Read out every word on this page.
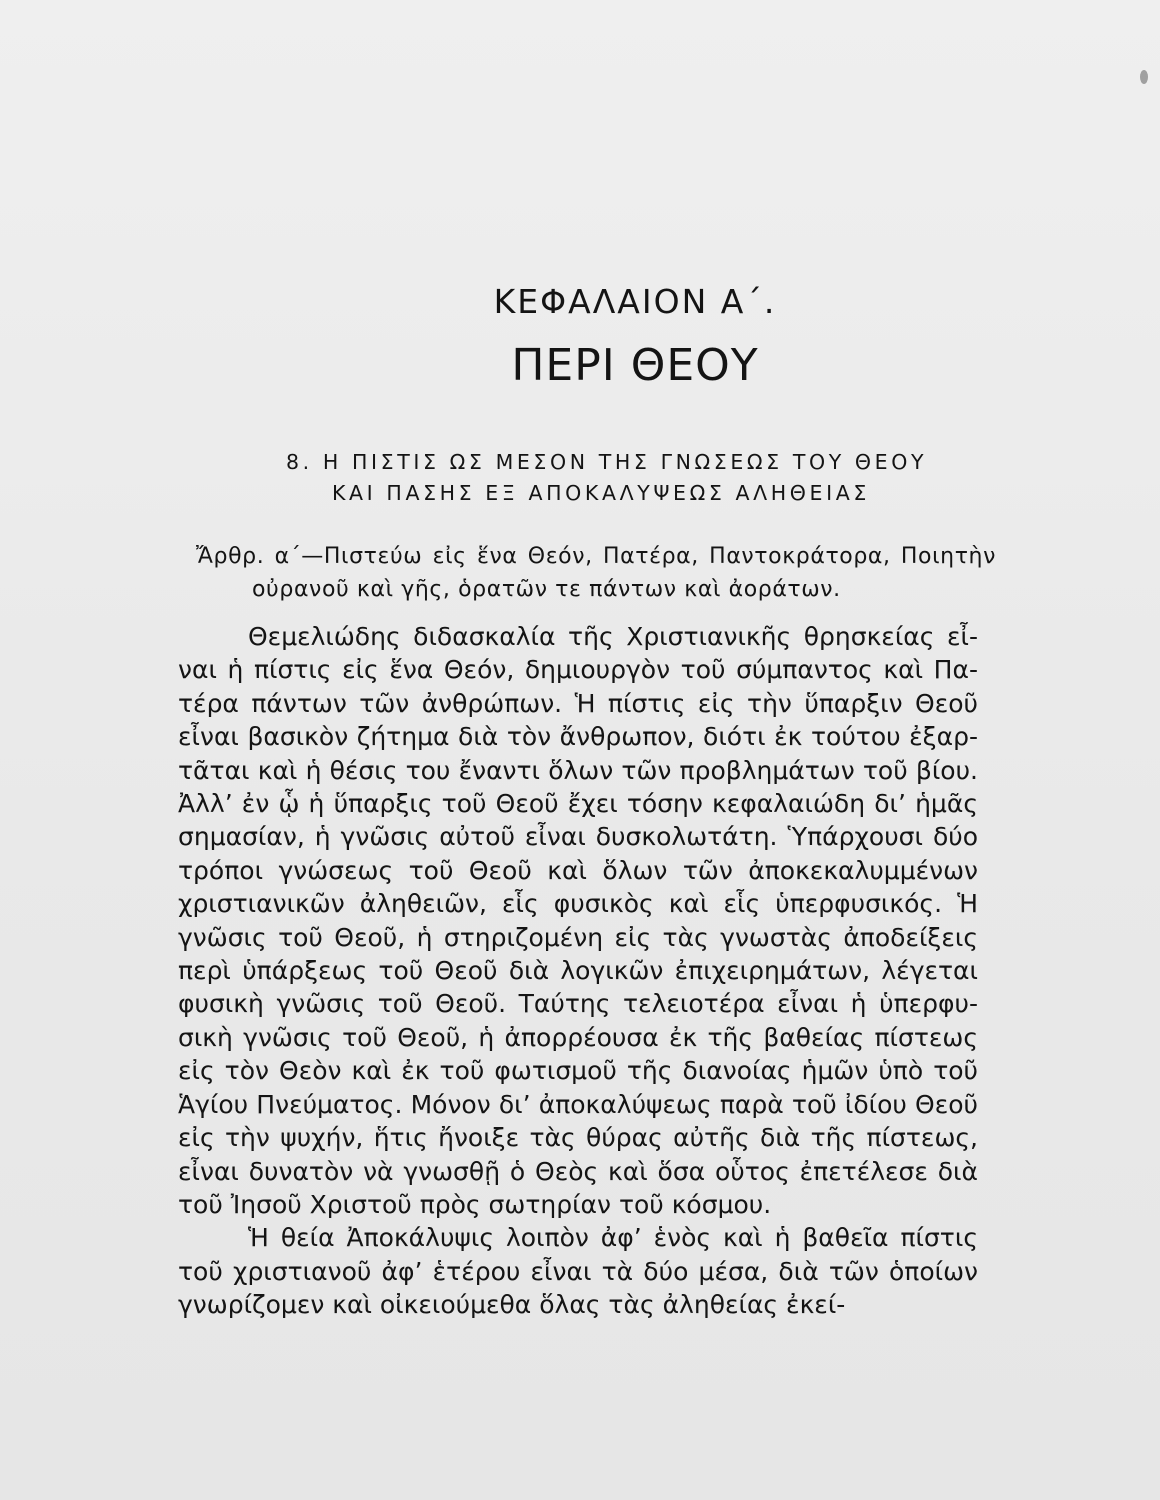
ΚΕΦΑΛΑΙΟΝ Α΄.
ΠΕΡΙ ΘΕΟΥ
8. Η ΠΙΣΤΙΣ ΩΣ ΜΕΣΟΝ ΤΗΣ ΓΝΩΣΕΩΣ ΤΟΥ ΘΕΟΥ
ΚΑΙ ΠΑΣΗΣ ΕΞ ΑΠΟΚΑΛΥΨΕΩΣ ΑΛΗΘΕΙΑΣ
Ἄρθρ. α΄—Πιστεύω εἰς ἕνα Θεόν, Πατέρα, Παντοκράτορα, Ποιητὴν
οὐρανοῦ καὶ γῆς, ὁρατῶν τε πάντων καὶ ἀοράτων.

Θεμελιώδης διδασκαλία τῆς Χριστιανικῆς θρησκείας εἶναι ἡ πίστις εἰς ἕνα Θεόν, δημιουργὸν τοῦ σύμπαντος καὶ Πατέρα πάντων τῶν ἀνθρώπων. Ἡ πίστις εἰς τὴν ὕπαρξιν Θεοῦ εἶναι βασικὸν ζήτημα διὰ τὸν ἄνθρωπον, διότι ἐκ τούτου ἐξαρτᾶται καὶ ἡ θέσις του ἔναντι ὅλων τῶν προβλημάτων τοῦ βίου. Ἀλλ’ ἐν ᾧ ἡ ὕπαρξις τοῦ Θεοῦ ἔχει τόσην κεφαλαιώδη δι’ ἡμᾶς σημασίαν, ἡ γνῶσις αὐτοῦ εἶναι δυσκολωτάτη. Ὑπάρχουσι δύο τρόποι γνώσεως τοῦ Θεοῦ καὶ ὅλων τῶν ἀποκεκαλυμμένων χριστιανικῶν ἀληθειῶν, εἷς φυσικὸς καὶ εἷς ὑπερφυσικός. Ἡ γνῶσις τοῦ Θεοῦ, ἡ στηριζομένη εἰς τὰς γνωστὰς ἀποδείξεις περὶ ὑπάρξεως τοῦ Θεοῦ διὰ λογικῶν ἐπιχειρημάτων, λέγεται φυσικὴ γνῶσις τοῦ Θεοῦ. Ταύτης τελειοτέρα εἶναι ἡ ὑπερφυσικὴ γνῶσις τοῦ Θεοῦ, ἡ ἀπορρέουσα ἐκ τῆς βαθείας πίστεως εἰς τὸν Θεὸν καὶ ἐκ τοῦ φωτισμοῦ τῆς διανοίας ἡμῶν ὑπὸ τοῦ Ἁγίου Πνεύματος. Μόνον δι’ ἀποκαλύψεως παρὰ τοῦ ἰδίου Θεοῦ εἰς τὴν ψυχήν, ἥτις ἤνοιξε τὰς θύρας αὐτῆς διὰ τῆς πίστεως, εἶναι δυνατὸν νὰ γνωσθῇ ὁ Θεὸς καὶ ὅσα οὗτος ἐπετέλεσε διὰ τοῦ Ἰησοῦ Χριστοῦ πρὸς σωτηρίαν τοῦ κόσμου.

Ἡ θεία Ἀποκάλυψις λοιπὸν ἀφ’ ἑνὸς καὶ ἡ βαθεῖα πίστις τοῦ χριστιανοῦ ἀφ’ ἑτέρου εἶναι τὰ δύο μέσα, διὰ τῶν ὁποίων γνωρίζομεν καὶ οἰκειούμεθα ὅλας τὰς ἀληθείας ἐκεί-
